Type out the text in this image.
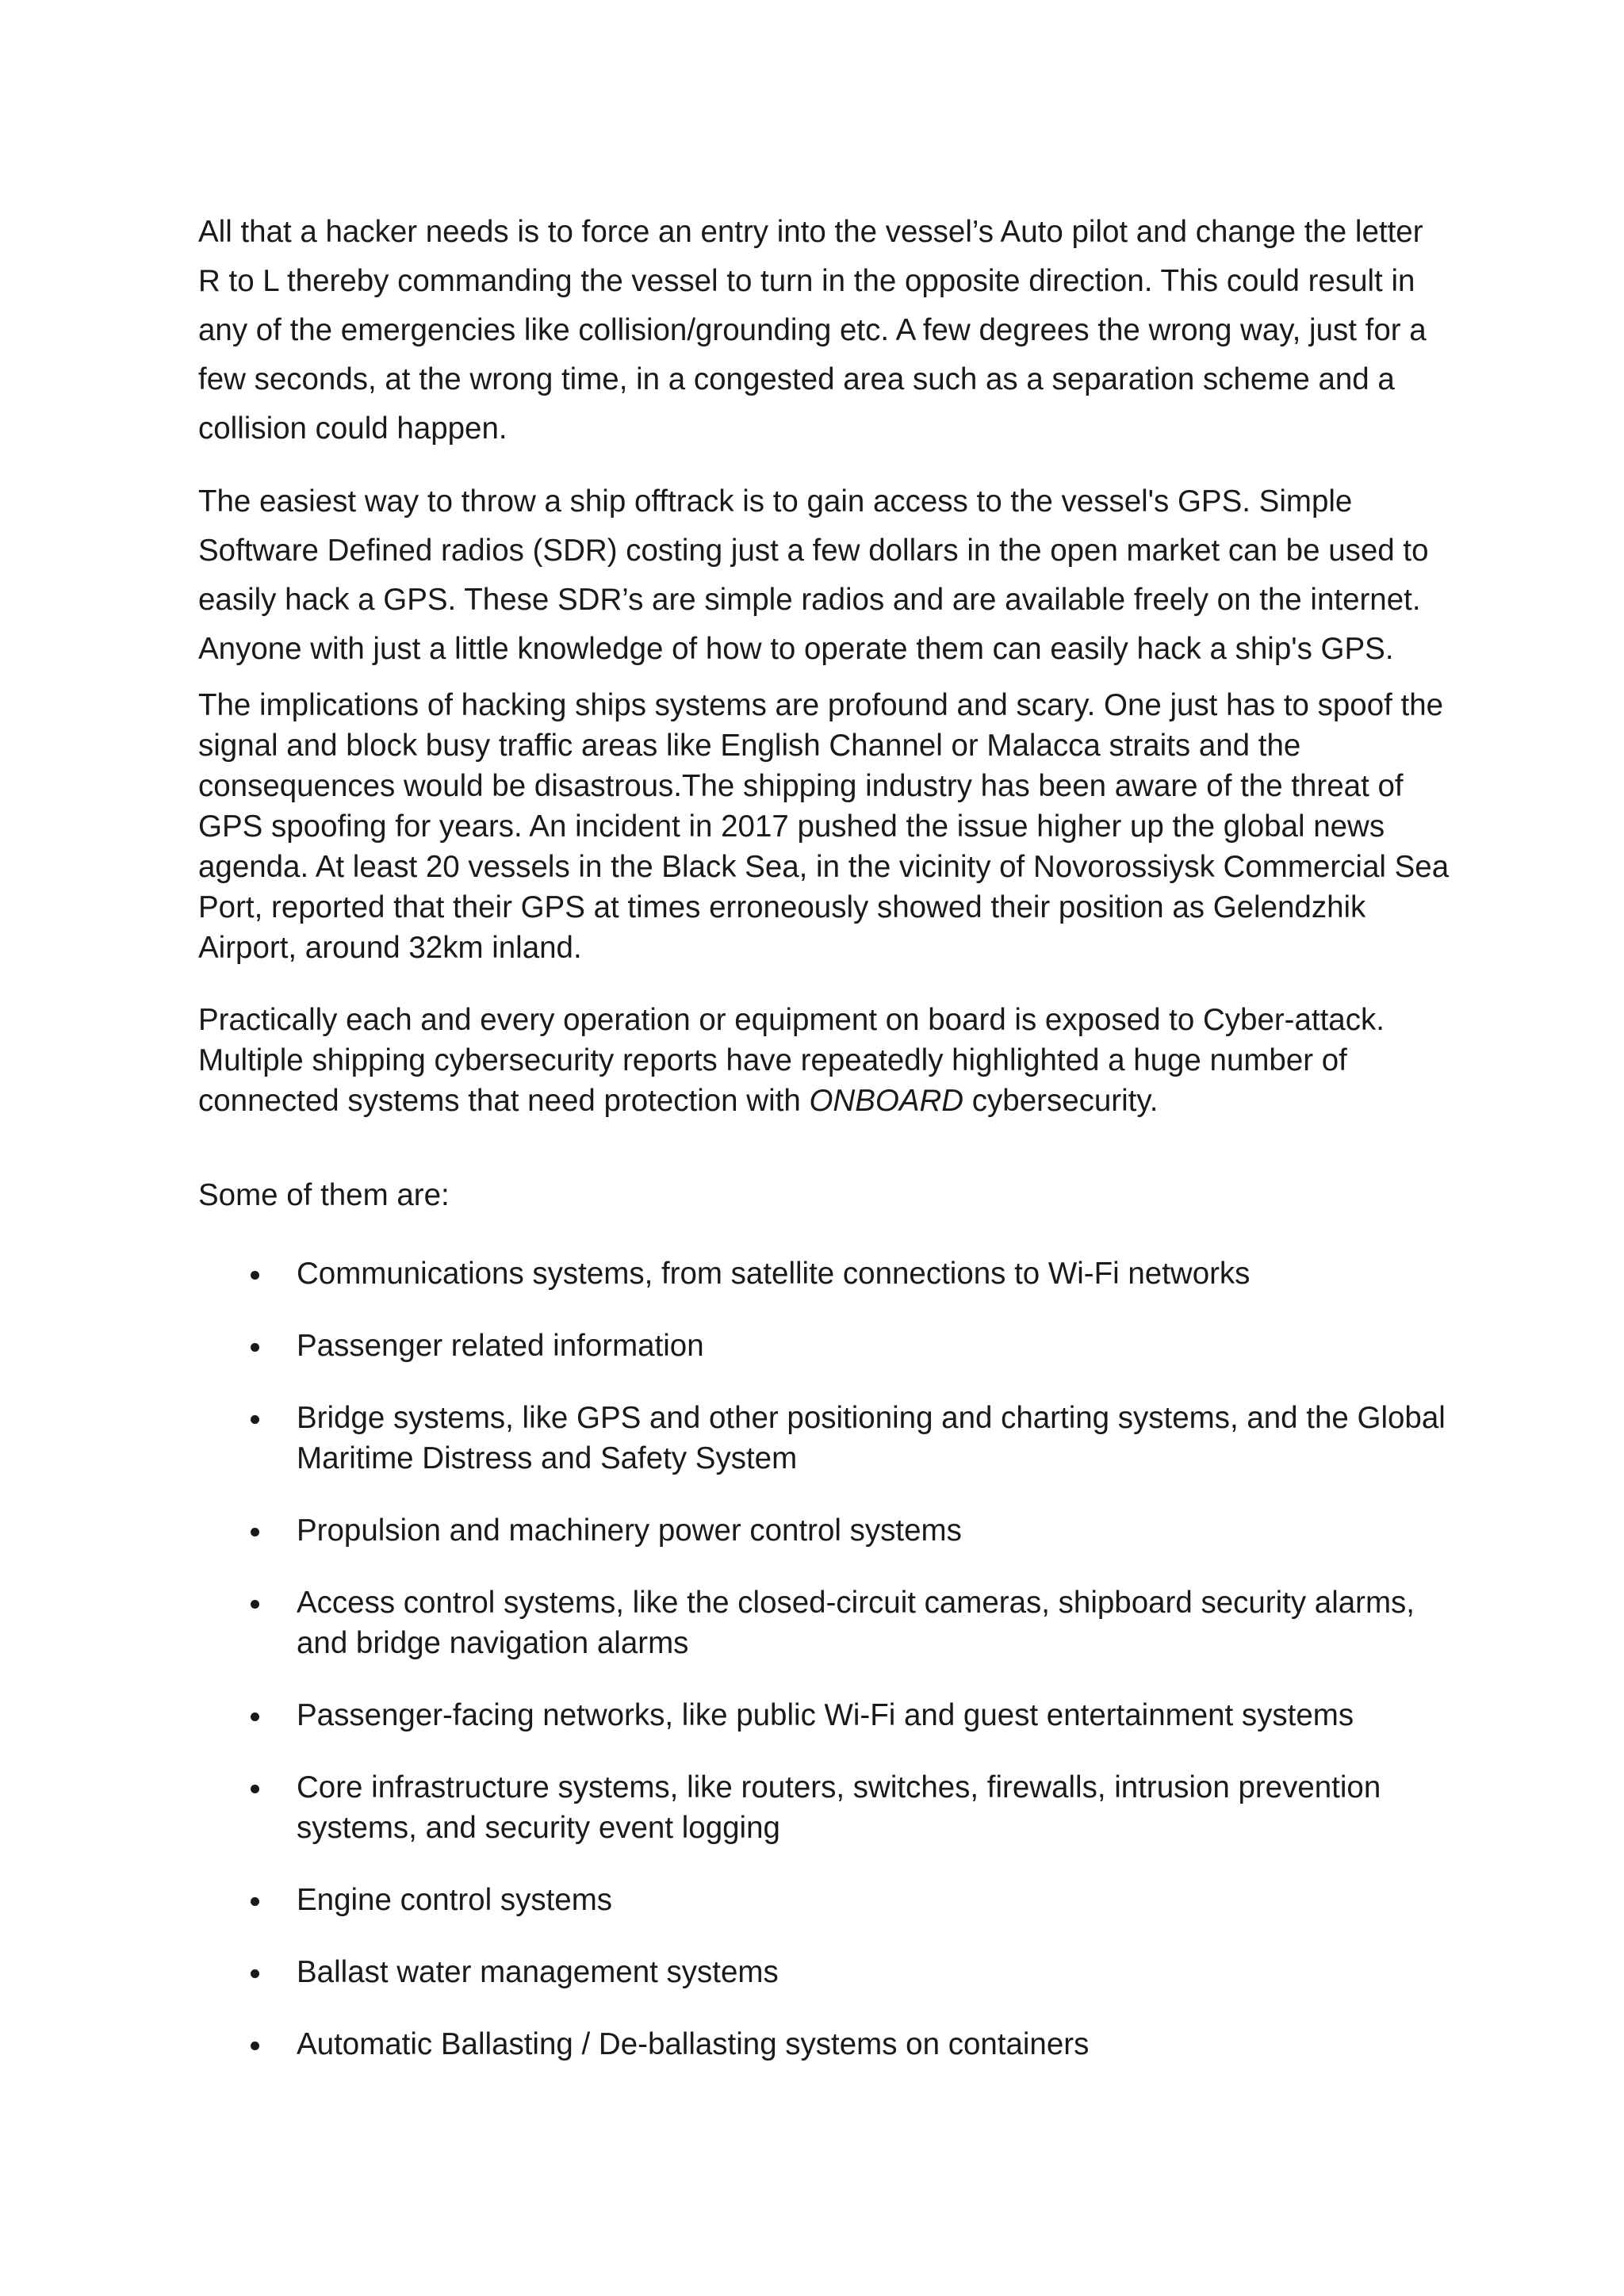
All that a hacker needs is to force an entry into the vessel’s Auto pilot and change the letter R to L thereby commanding the vessel to turn in the opposite direction. This could result in any of the emergencies like collision/grounding etc. A few degrees the wrong way, just for a few seconds, at the wrong time, in a congested area such as a separation scheme and a collision could happen.

The easiest way to throw a ship offtrack is to gain access to the vessel's GPS. Simple Software Defined radios (SDR) costing just a few dollars in the open market can be used to easily hack a GPS. These SDR’s are simple radios and are available freely on the internet. Anyone with just a little knowledge of how to operate them can easily hack a ship's GPS.

The implications of hacking ships systems are profound and scary. One just has to spoof the signal and block busy traffic areas like English Channel or Malacca straits and the consequences would be disastrous.The shipping industry has been aware of the threat of GPS spoofing for years. An incident in 2017 pushed the issue higher up the global news agenda. At least 20 vessels in the Black Sea, in the vicinity of Novorossiysk Commercial Sea Port, reported that their GPS at times erroneously showed their position as Gelendzhik Airport, around 32km inland.

Practically each and every operation or equipment on board is exposed to Cyber-attack. Multiple shipping cybersecurity reports have repeatedly highlighted a huge number of connected systems that need protection with ONBOARD cybersecurity.

Some of them are:

Communications systems, from satellite connections to Wi-Fi networks
Passenger related information
Bridge systems, like GPS and other positioning and charting systems, and the Global Maritime Distress and Safety System
Propulsion and machinery power control systems
Access control systems, like the closed-circuit cameras, shipboard security alarms, and bridge navigation alarms
Passenger-facing networks, like public Wi-Fi and guest entertainment systems
Core infrastructure systems, like routers, switches, firewalls, intrusion prevention systems, and security event logging
Engine control systems
Ballast water management systems
Automatic Ballasting / De-ballasting systems on containers
